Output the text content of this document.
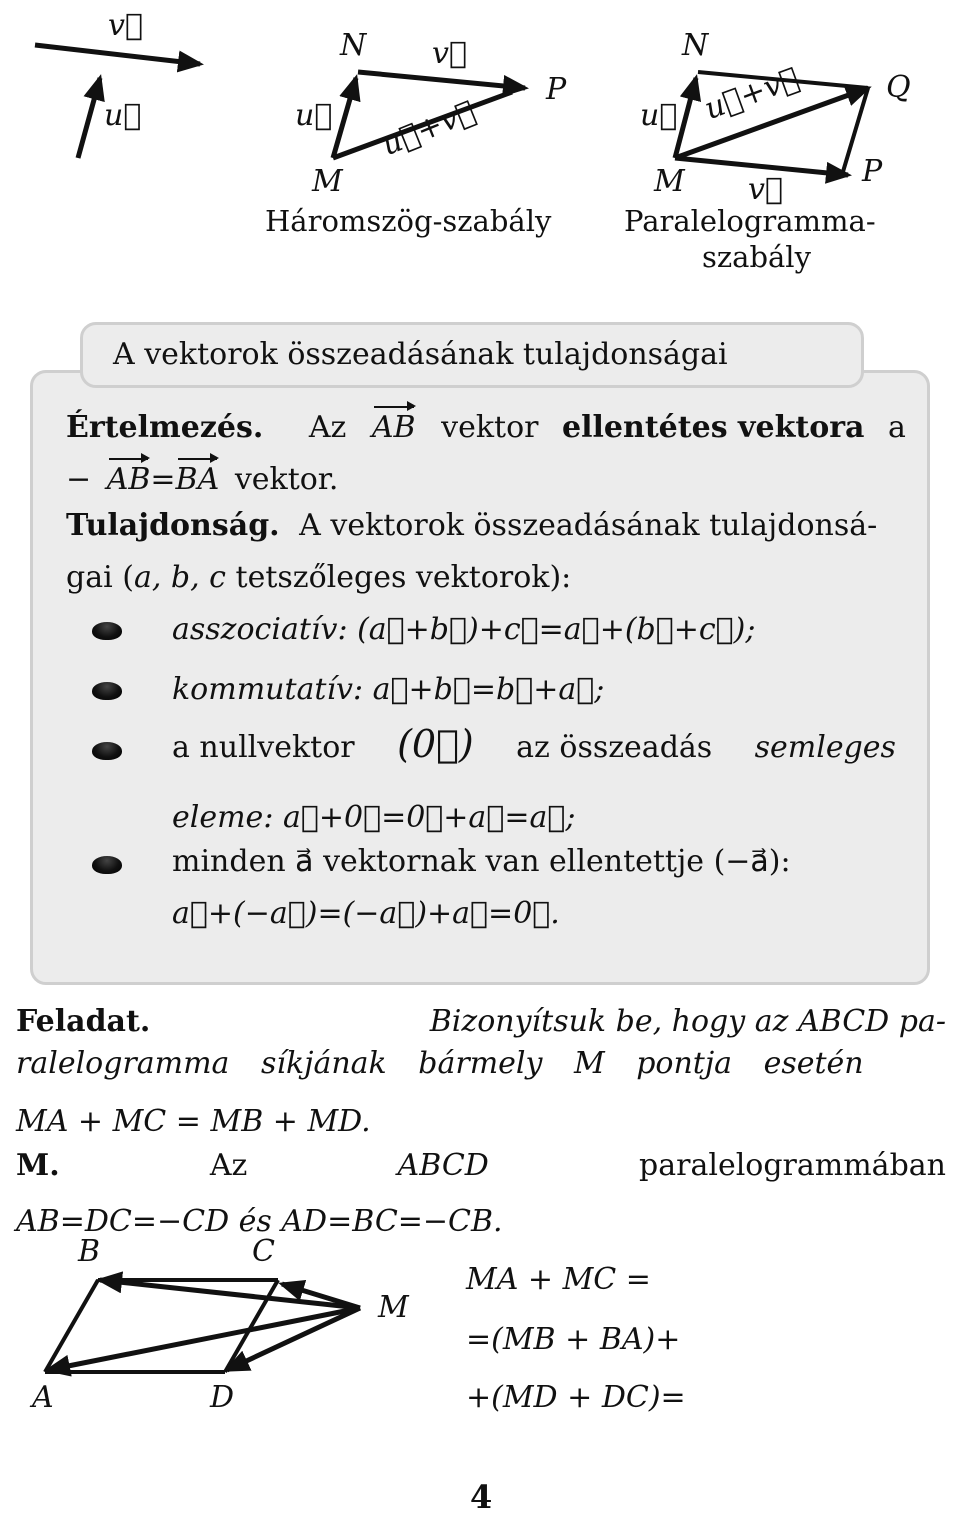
v⃗
u⃗
N v⃗
P
u⃗
M
u⃗+v⃗
Háromszög-szabály
N
u⃗ u⃗+v⃗	Q
P
M v⃗
Paralelogramma-
szabály
A vektorok összeadásának tulajdonságai
Értelmezés. Az AB vektor ellentétes vektora a
− AB=BA vektor.
Tulajdonság. A vektorok összeadásának tulajdonsá-
gai (a, b, c tetszőleges vektorok):
asszociatív: (a⃗+b⃗)+c⃗=a⃗+(b⃗+c⃗);
kommutatív: a⃗+b⃗=b⃗+a⃗;
a nullvektor (0⃗) az összeadás semleges
eleme: a⃗+0⃗=0⃗+a⃗=a⃗;
minden a⃗ vektornak van ellentettje (−a⃗):
a⃗+(−a⃗)=(−a⃗)+a⃗=0⃗.
Feladat.	Bizonyítsuk be, hogy az ABCD pa-
ralelogramma síkjának bármely M pontja esetén
MA + MC = MB + MD.
M.	Az	ABCD	paralelogrammában
AB=DC=−CD és AD=BC=−CB.
B	C
M
A	D
MA + MC =
=(MB + BA)+
+(MD + DC)=
4
